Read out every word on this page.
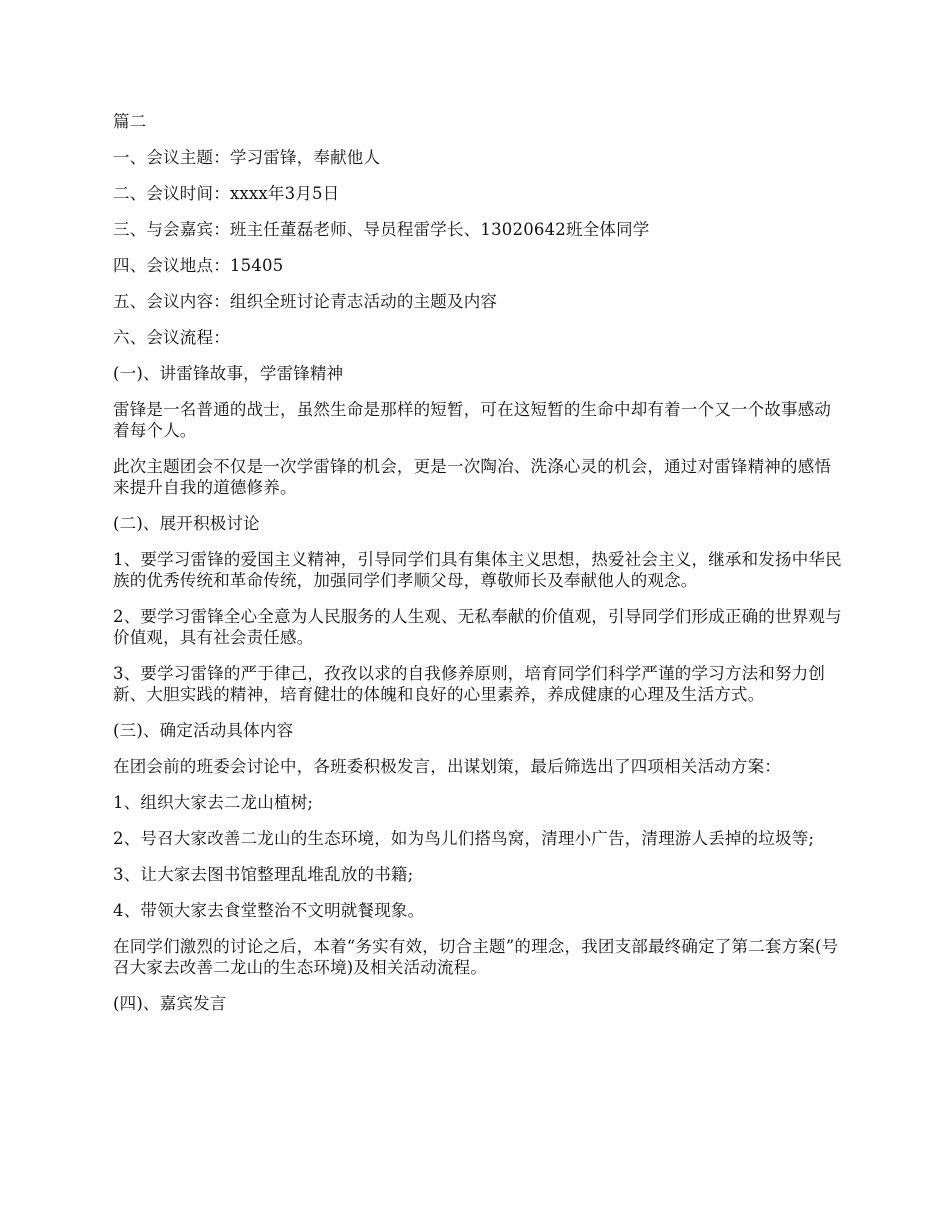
篇二

一、会议主题：学习雷锋，奉献他人

二、会议时间：xxxx年3月5日

三、与会嘉宾：班主任董磊老师、导员程雷学长、13020642班全体同学

四、会议地点：15405

五、会议内容：组织全班讨论青志活动的主题及内容

六、会议流程：

(一)、讲雷锋故事，学雷锋精神

雷锋是一名普通的战士，虽然生命是那样的短暂，可在这短暂的生命中却有着一个又一个故事感动着每个人。

此次主题团会不仅是一次学雷锋的机会，更是一次陶冶、洗涤心灵的机会，通过对雷锋精神的感悟来提升自我的道德修养。

(二)、展开积极讨论

1、要学习雷锋的爱国主义精神，引导同学们具有集体主义思想，热爱社会主义，继承和发扬中华民族的优秀传统和革命传统，加强同学们孝顺父母，尊敬师长及奉献他人的观念。

2、要学习雷锋全心全意为人民服务的人生观、无私奉献的价值观，引导同学们形成正确的世界观与价值观，具有社会责任感。

3、要学习雷锋的严于律己，孜孜以求的自我修养原则，培育同学们科学严谨的学习方法和努力创新、大胆实践的精神，培育健壮的体魄和良好的心里素养，养成健康的心理及生活方式。

(三)、确定活动具体内容

在团会前的班委会讨论中，各班委积极发言，出谋划策，最后筛选出了四项相关活动方案：

1、组织大家去二龙山植树;

2、号召大家改善二龙山的生态环境，如为鸟儿们搭鸟窝，清理小广告，清理游人丢掉的垃圾等;

3、让大家去图书馆整理乱堆乱放的书籍;

4、带领大家去食堂整治不文明就餐现象。

在同学们激烈的讨论之后，本着“务实有效，切合主题”的理念，我团支部最终确定了第二套方案(号召大家去改善二龙山的生态环境)及相关活动流程。

(四)、嘉宾发言
